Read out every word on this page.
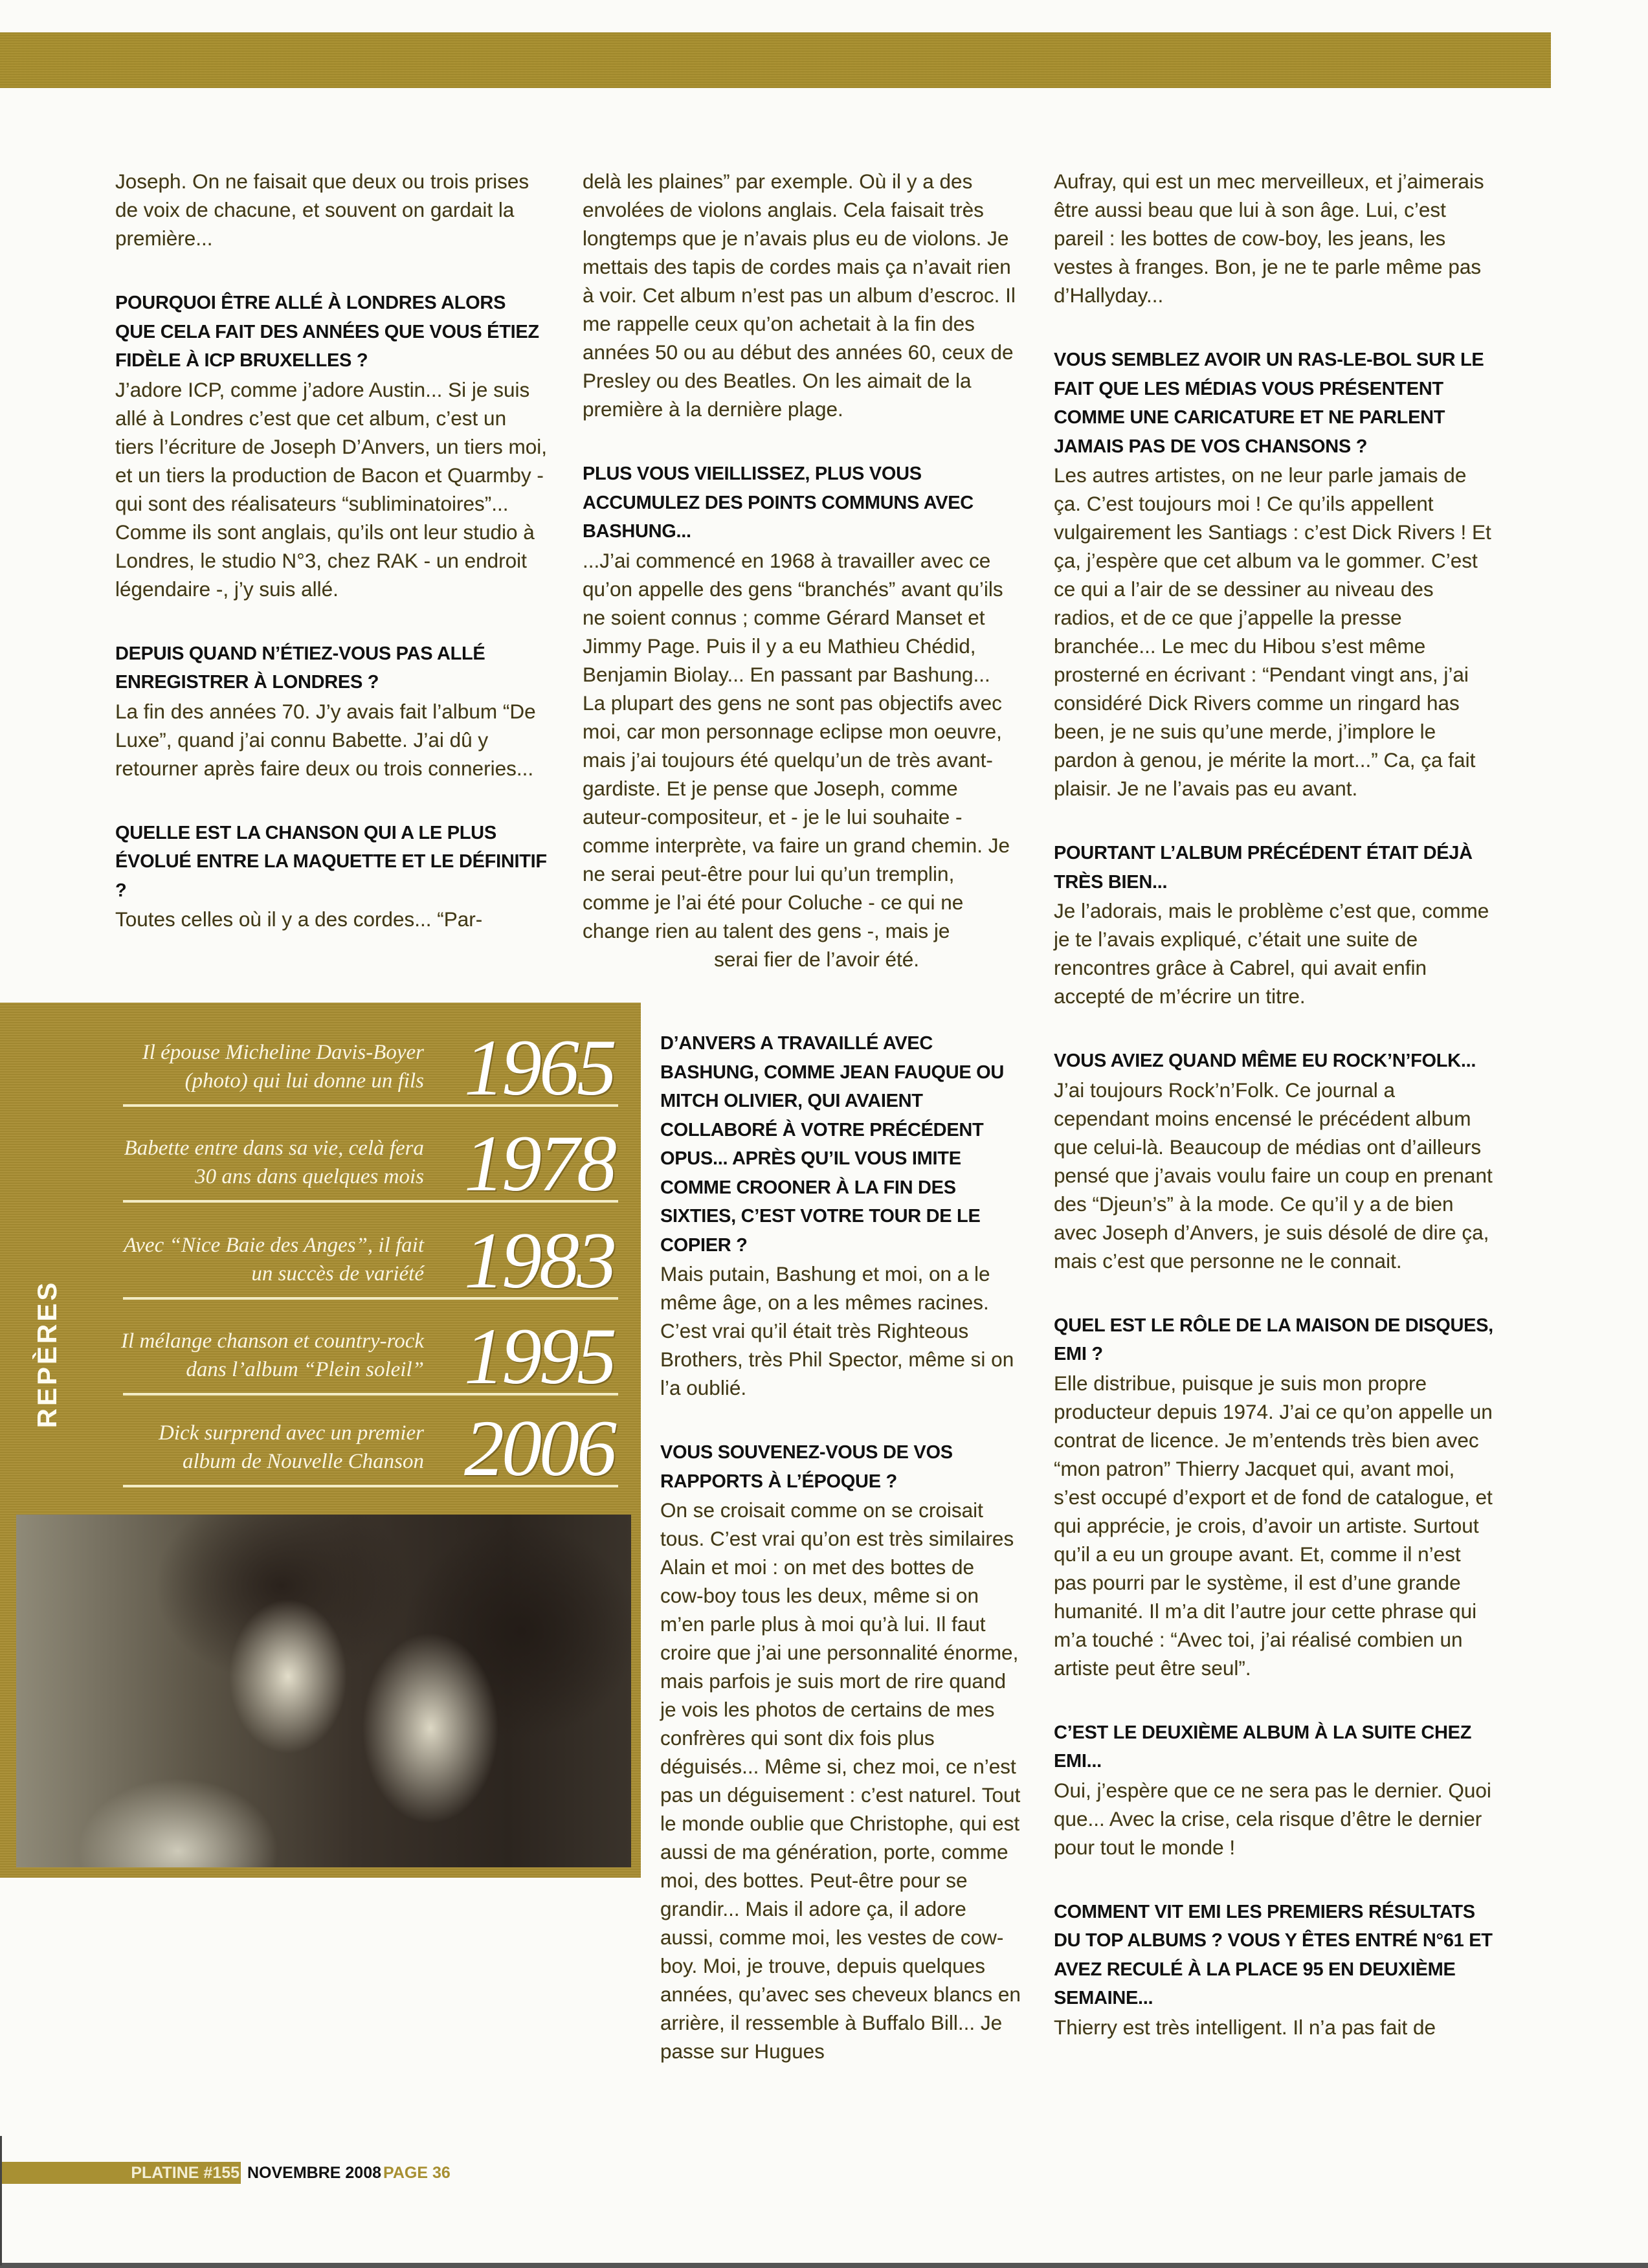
Joseph. On ne faisait que deux ou trois prises de voix de chacune, et souvent on gardait la première...

POURQUOI ÊTRE ALLÉ À LONDRES ALORS QUE CELA FAIT DES ANNÉES QUE VOUS ÉTIEZ FIDÈLE À ICP BRUXELLES ?

J’adore ICP, comme j’adore Austin... Si je suis allé à Londres c’est que cet album, c’est un tiers l’écriture de Joseph D’Anvers, un tiers moi, et un tiers la production de Bacon et Quarmby - qui sont des réalisateurs “subliminatoires”... Comme ils sont anglais, qu’ils ont leur studio à Londres, le studio N°3, chez RAK - un endroit légendaire -, j’y suis allé.

DEPUIS QUAND N’ÉTIEZ-VOUS PAS ALLÉ ENREGISTRER À LONDRES ?

La fin des années 70. J’y avais fait l’album “De Luxe”, quand j’ai connu Babette. J’ai dû y retourner après faire deux ou trois conneries...

QUELLE EST LA CHANSON QUI A LE PLUS ÉVOLUÉ ENTRE LA MAQUETTE ET LE DÉFINITIF ?

Toutes celles où il y a des cordes... “Par-

delà les plaines” par exemple. Où il y a des envolées de violons anglais. Cela faisait très longtemps que je n’avais plus eu de violons. Je mettais des tapis de cordes mais ça n’avait rien à voir. Cet album n’est pas un album d’escroc. Il me rappelle ceux qu’on achetait à la fin des années 50 ou au début des années 60, ceux de Presley ou des Beatles. On les aimait de la première à la dernière plage.

PLUS VOUS VIEILLISSEZ, PLUS VOUS ACCUMULEZ DES POINTS COMMUNS AVEC BASHUNG...

...J’ai commencé en 1968 à travailler avec ce qu’on appelle des gens “branchés” avant qu’ils ne soient connus ; comme Gérard Manset et Jimmy Page. Puis il y a eu Mathieu Chédid, Benjamin Biolay... En passant par Bashung... La plupart des gens ne sont pas objectifs avec moi, car mon personnage eclipse mon oeuvre, mais j’ai toujours été quelqu’un de très avant-gardiste. Et je pense que Joseph, comme auteur-compositeur, et - je le lui souhaite - comme interprète, va faire un grand chemin. Je ne serai peut-être pour lui qu’un tremplin, comme je l’ai été pour Coluche - ce qui ne change rien au talent des gens -, mais je

serai fier de l’avoir été.

D’ANVERS A TRAVAILLÉ AVEC BASHUNG, COMME JEAN FAUQUE OU MITCH OLIVIER, QUI AVAIENT COLLABORÉ À VOTRE PRÉCÉDENT OPUS... APRÈS QU’IL VOUS IMITE COMME CROONER À LA FIN DES SIXTIES, C’EST VOTRE TOUR DE LE COPIER ?

Mais putain, Bashung et moi, on a le même âge, on a les mêmes racines. C’est vrai qu’il était très Righteous Brothers, très Phil Spector, même si on l’a oublié.

VOUS SOUVENEZ-VOUS DE VOS RAPPORTS À L’ÉPOQUE ?

On se croisait comme on se croisait tous. C’est vrai qu’on est très similaires Alain et moi : on met des bottes de cow-boy tous les deux, même si on m’en parle plus à moi qu’à lui. Il faut croire que j’ai une personnalité énorme, mais parfois je suis mort de rire quand je vois les photos de certains de mes confrères qui sont dix fois plus déguisés... Même si, chez moi, ce n’est pas un déguisement : c’est naturel. Tout le monde oublie que Christophe, qui est aussi de ma génération, porte, comme moi, des bottes. Peut-être pour se grandir... Mais il adore ça, il adore aussi, comme moi, les vestes de cow-boy. Moi, je trouve, depuis quelques années, qu’avec ses cheveux blancs en arrière, il ressemble à Buffalo Bill... Je passe sur Hugues

Aufray, qui est un mec merveilleux, et j’aimerais être aussi beau que lui à son âge. Lui, c’est pareil : les bottes de cow-boy, les jeans, les vestes à franges. Bon, je ne te parle même pas d’Hallyday...

VOUS SEMBLEZ AVOIR UN RAS-LE-BOL SUR LE FAIT QUE LES MÉDIAS VOUS PRÉSENTENT COMME UNE CARICATURE ET NE PARLENT JAMAIS PAS DE VOS CHANSONS ?

Les autres artistes, on ne leur parle jamais de ça. C’est toujours moi ! Ce qu’ils appellent vulgairement les Santiags : c’est Dick Rivers ! Et ça, j’espère que cet album va le gommer. C’est ce qui a l’air de se dessiner au niveau des radios, et de ce que j’appelle la presse branchée... Le mec du Hibou s’est même prosterné en écrivant : “Pendant vingt ans, j’ai considéré Dick Rivers comme un ringard has been, je ne suis qu’une merde, j’implore le pardon à genou, je mérite la mort...” Ca, ça fait plaisir. Je ne l’avais pas eu avant.

POURTANT L’ALBUM PRÉCÉDENT ÉTAIT DÉJÀ TRÈS BIEN...

Je l’adorais, mais le problème c’est que, comme je te l’avais expliqué, c’était une suite de rencontres grâce à Cabrel, qui avait enfin accepté de m’écrire un titre.

VOUS AVIEZ QUAND MÊME EU ROCK’N’FOLK...

J’ai toujours Rock’n’Folk. Ce journal a cependant moins encensé le précédent album que celui-là. Beaucoup de médias ont d’ailleurs pensé que j’avais voulu faire un coup en prenant des “Djeun’s” à la mode. Ce qu’il y a de bien avec Joseph d’Anvers, je suis désolé de dire ça, mais c’est que personne ne le connait.

QUEL EST LE RÔLE DE LA MAISON DE DISQUES, EMI ?

Elle distribue, puisque je suis mon propre producteur depuis 1974. J’ai ce qu’on appelle un contrat de licence. Je m’entends très bien avec “mon patron” Thierry Jacquet qui, avant moi, s’est occupé d’export et de fond de catalogue, et qui apprécie, je crois, d’avoir un artiste. Surtout qu’il a eu un groupe avant. Et, comme il n’est pas pourri par le système, il est d’une grande humanité. Il m’a dit l’autre jour cette phrase qui m’a touché : “Avec toi, j’ai réalisé combien un artiste peut être seul”.

C’EST LE DEUXIÈME ALBUM À LA SUITE CHEZ EMI...

Oui, j’espère que ce ne sera pas le dernier. Quoi que... Avec la crise, cela risque d’être le dernier pour tout le monde !

COMMENT VIT EMI LES PREMIERS RÉSULTATS DU TOP ALBUMS ? VOUS Y ÊTES ENTRÉ N°61 ET AVEZ RECULÉ À LA PLACE 95 EN DEUXIÈME SEMAINE...

Thierry est très intelligent. Il n’a pas fait de

REPÈRES
Il épouse Micheline Davis-Boyer (photo) qui lui donne un fils 1965
Babette entre dans sa vie, celà fera 30 ans dans quelques mois 1978
Avec “Nice Baie des Anges”, il fait un succès de variété 1983
Il mélange chanson et country-rock dans l’album “Plein soleil” 1995
Dick surprend avec un premier album de Nouvelle Chanson 2006
PLATINE #155 NOVEMBRE 2008 PAGE 36
